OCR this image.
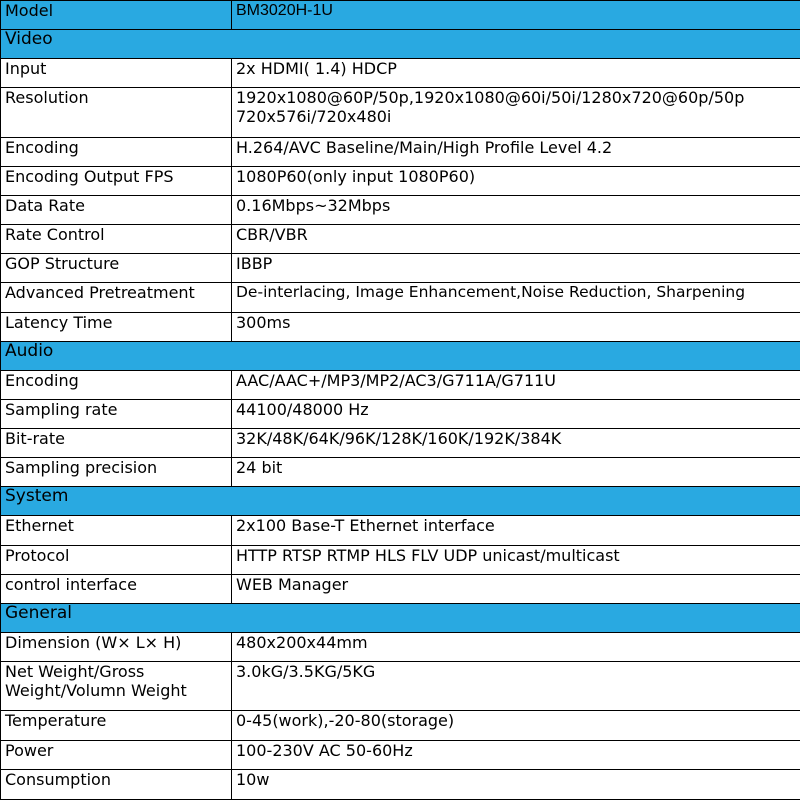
Model	BM3020H-1U
Video	
Input	2x HDMI( 1.4) HDCP
Resolution	1920x1080@60P/50p,1920x1080@60i/50i/1280x720@60p/50p
720x576i/720x480i

Encoding	H.264/AVC Baseline/Main/High Profile Level 4.2
Encoding Output FPS	1080P60(only input 1080P60)
Data Rate	0.16Mbps~32Mbps
Rate Control	CBR/VBR
GOP Structure	IBBP
Advanced Pretreatment	De-interlacing, Image Enhancement,Noise Reduction, Sharpening
Latency Time	300ms
Audio	
Encoding	AAC/AAC+/MP3/MP2/AC3/G711A/G711U
Sampling rate	44100/48000 Hz
Bit-rate	32K/48K/64K/96K/128K/160K/192K/384K
Sampling precision	24 bit
System	
Ethernet	2x100 Base-T Ethernet interface
Protocol	HTTP RTSP RTMP HLS FLV UDP unicast/multicast
control interface	WEB Manager
General	
Dimension (W× L× H)	480x200x44mm

Net Weight/Gross
Weight/Volumn Weight	3.0kG/3.5KG/5KG
Temperature	0-45(work),-20-80(storage)
Power	100-230V AC 50-60Hz
Consumption	10w
